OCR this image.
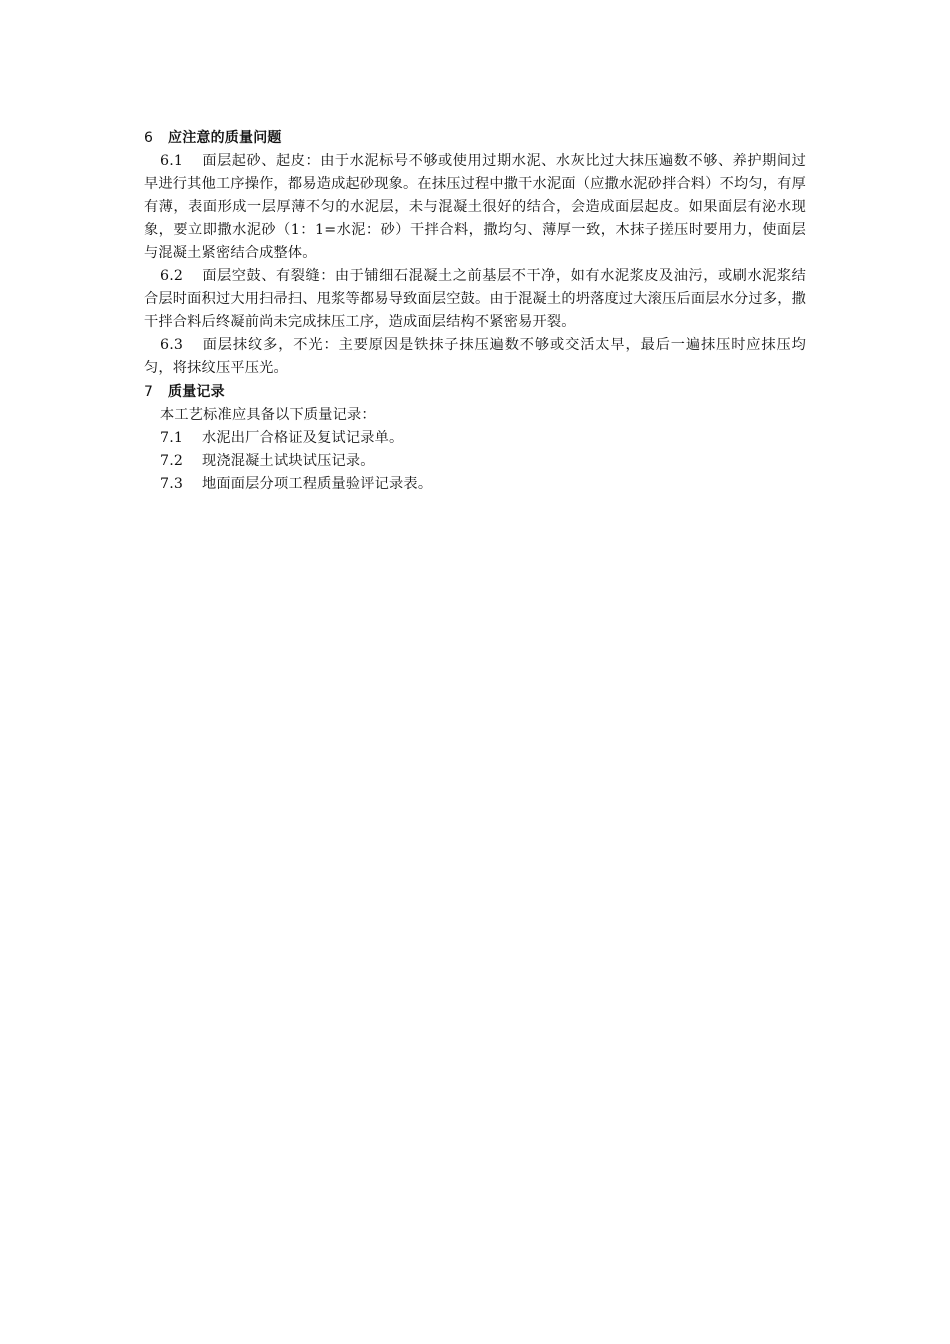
6 应注意的质量问题

6.1 面层起砂、起皮：由于水泥标号不够或使用过期水泥、水灰比过大抹压遍数不够、养护期间过早进行其他工序操作，都易造成起砂现象。在抹压过程中撒干水泥面（应撒水泥砂拌合料）不均匀，有厚有薄，表面形成一层厚薄不匀的水泥层，未与混凝土很好的结合，会造成面层起皮。如果面层有泌水现象，要立即撒水泥砂（1：1=水泥：砂）干拌合料，撒均匀、薄厚一致，木抹子搓压时要用力，使面层与混凝土紧密结合成整体。

6.2 面层空鼓、有裂缝：由于铺细石混凝土之前基层不干净，如有水泥浆皮及油污，或刷水泥浆结合层时面积过大用扫帚扫、甩浆等都易导致面层空鼓。由于混凝土的坍落度过大滚压后面层水分过多，撒干拌合料后终凝前尚未完成抹压工序，造成面层结构不紧密易开裂。

6.3 面层抹纹多，不光：主要原因是铁抹子抹压遍数不够或交活太早，最后一遍抹压时应抹压均匀，将抹纹压平压光。

7 质量记录

本工艺标准应具备以下质量记录：

7.1 水泥出厂合格证及复试记录单。

7.2 现浇混凝土试块试压记录。

7.3 地面面层分项工程质量验评记录表。
